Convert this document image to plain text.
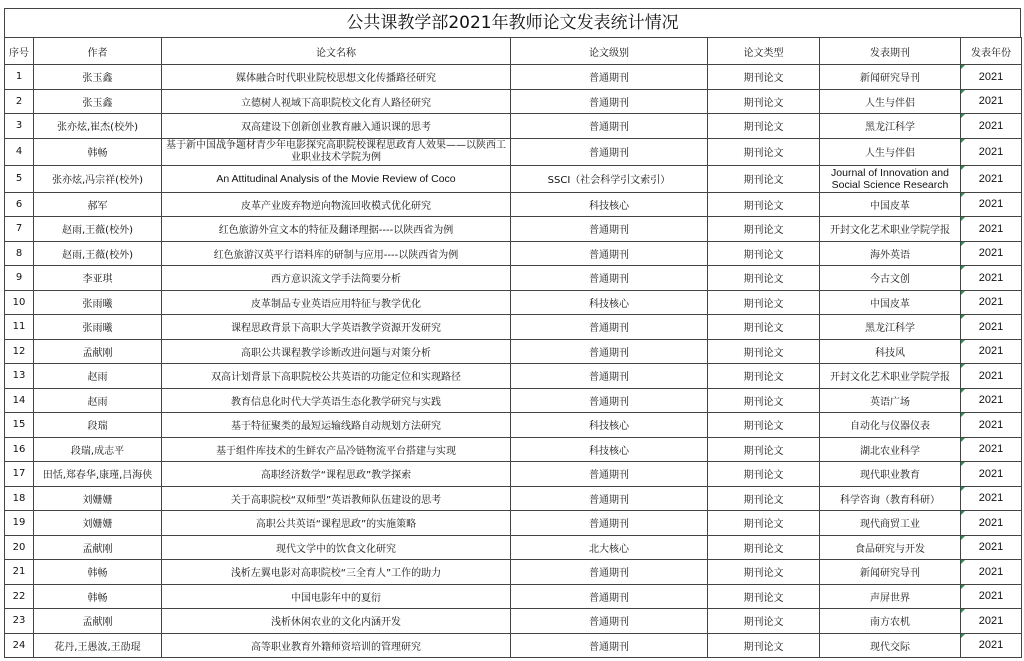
公共课教学部2021年教师论文发表统计情况
序号	作者	论文名称	论文级别	论文类型	发表期刊	发表年份
1	张玉鑫	媒体融合时代职业院校思想文化传播路径研究	普通期刊	期刊论文	新闻研究导刊	2021
2	张玉鑫	立德树人视域下高职院校文化育人路径研究	普通期刊	期刊论文	人生与伴侣	2021
3	张亦炫,崔杰(校外)	双高建设下创新创业教育融入通识课的思考	普通期刊	期刊论文	黑龙江科学	2021
4	韩畅	基于新中国战争题材青少年电影探究高职院校课程思政育人效果——以陕西工业职业技术学院为例	普通期刊	期刊论文	人生与伴侣	2021
5	张亦炫,冯宗祥(校外)	An Attitudinal Analysis of the Movie Review of Coco	SSCI（社会科学引文索引）	期刊论文	Journal of Innovation and Social Science Research	2021
6	郝军	皮革产业废弃物逆向物流回收模式优化研究	科技核心	期刊论文	中国皮革	2021
7	赵雨,王薇(校外)	红色旅游外宣文本的特征及翻译理据----以陕西省为例	普通期刊	期刊论文	开封文化艺术职业学院学报	2021
8	赵雨,王薇(校外)	红色旅游汉英平行语料库的研制与应用----以陕西省为例	普通期刊	期刊论文	海外英语	2021
9	李亚琪	西方意识流文学手法简要分析	普通期刊	期刊论文	今古文创	2021
10	张雨曦	皮革制品专业英语应用特征与教学优化	科技核心	期刊论文	中国皮革	2021
11	张雨曦	课程思政背景下高职大学英语教学资源开发研究	普通期刊	期刊论文	黑龙江科学	2021
12	孟献刚	高职公共课程教学诊断改进问题与对策分析	普通期刊	期刊论文	科技风	2021
13	赵雨	双高计划背景下高职院校公共英语的功能定位和实现路径	普通期刊	期刊论文	开封文化艺术职业学院学报	2021
14	赵雨	教育信息化时代大学英语生态化教学研究与实践	普通期刊	期刊论文	英语广场	2021
15	段瑞	基于特征聚类的最短运输线路自动规划方法研究	科技核心	期刊论文	自动化与仪器仪表	2021
16	段瑞,成志平	基于组件库技术的生鲜农产品冷链物流平台搭建与实现	科技核心	期刊论文	湖北农业科学	2021
17	田恬,郑春华,康瑾,吕海侠	高职经济数学“课程思政”教学探索	普通期刊	期刊论文	现代职业教育	2021
18	刘姗姗	关于高职院校“双师型”英语教师队伍建设的思考	普通期刊	期刊论文	科学咨询（教育科研）	2021
19	刘姗姗	高职公共英语“课程思政”的实施策略	普通期刊	期刊论文	现代商贸工业	2021
20	孟献刚	现代文学中的饮食文化研究	北大核心	期刊论文	食品研究与开发	2021
21	韩畅	浅析左翼电影对高职院校“三全育人”工作的助力	普通期刊	期刊论文	新闻研究导刊	2021
22	韩畅	中国电影年中的夏衍	普通期刊	期刊论文	声屏世界	2021
23	孟献刚	浅析休闲农业的文化内涵开发	普通期刊	期刊论文	南方农机	2021
24	花丹,王愚波,王劭琨	高等职业教育外籍师资培训的管理研究	普通期刊	期刊论文	现代交际	2021
